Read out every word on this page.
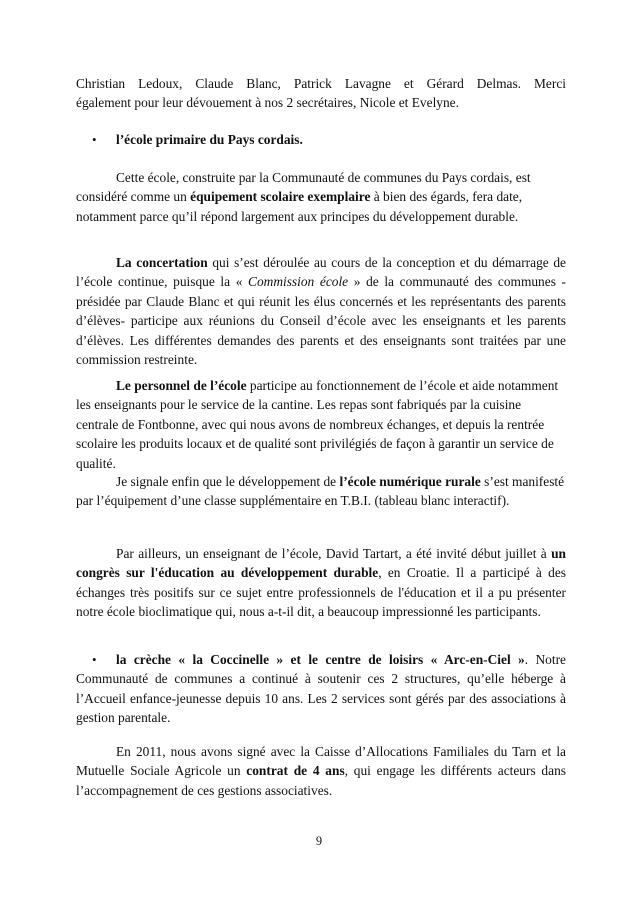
Christian Ledoux, Claude Blanc, Patrick Lavagne et Gérard Delmas. Merci

également pour leur dévouement à nos 2 secrétaires, Nicole et Evelyne.

• l’école primaire du Pays cordais.

Cette école, construite par la Communauté de communes du Pays cordais, est considéré comme un équipement scolaire exemplaire à bien des égards, fera date, notamment parce qu’il répond largement aux principes du développement durable.

La concertation qui s’est déroulée au cours de la conception et du démarrage de l’école continue, puisque la « Commission école » de la communauté des communes -présidée par Claude Blanc et qui réunit les élus concernés et les représentants des parents d’élèves- participe aux réunions du Conseil d’école avec les enseignants et les parents d’élèves. Les différentes demandes des parents et des enseignants sont traitées par une commission restreinte.

Le personnel de l’école participe au fonctionnement de l’école et aide notamment les enseignants pour le service de la cantine. Les repas sont fabriqués par la cuisine centrale de Fontbonne, avec qui nous avons de nombreux échanges, et depuis la rentrée scolaire les produits locaux et de qualité sont privilégiés de façon à garantir un service de qualité.

Je signale enfin que le développement de l’école numérique rurale s’est manifesté par l’équipement d’une classe supplémentaire en T.B.I. (tableau blanc interactif).

Par ailleurs, un enseignant de l’école, David Tartart, a été invité début juillet à un congrès sur l'éducation au développement durable, en Croatie. Il a participé à des échanges très positifs sur ce sujet entre professionnels de l'éducation et il a pu présenter notre école bioclimatique qui, nous a-t-il dit, a beaucoup impressionné les participants.

•	la crèche « la Coccinelle » et le centre de loisirs « Arc-en-Ciel ». Notre Communauté de communes a continué à soutenir ces 2 structures, qu’elle héberge à l’Accueil enfance-jeunesse depuis 10 ans. Les 2 services sont gérés par des associations à gestion parentale.

En 2011, nous avons signé avec la Caisse d’Allocations Familiales du Tarn et la Mutuelle Sociale Agricole un contrat de 4 ans, qui engage les différents acteurs dans l’accompagnement de ces gestions associatives.

9
